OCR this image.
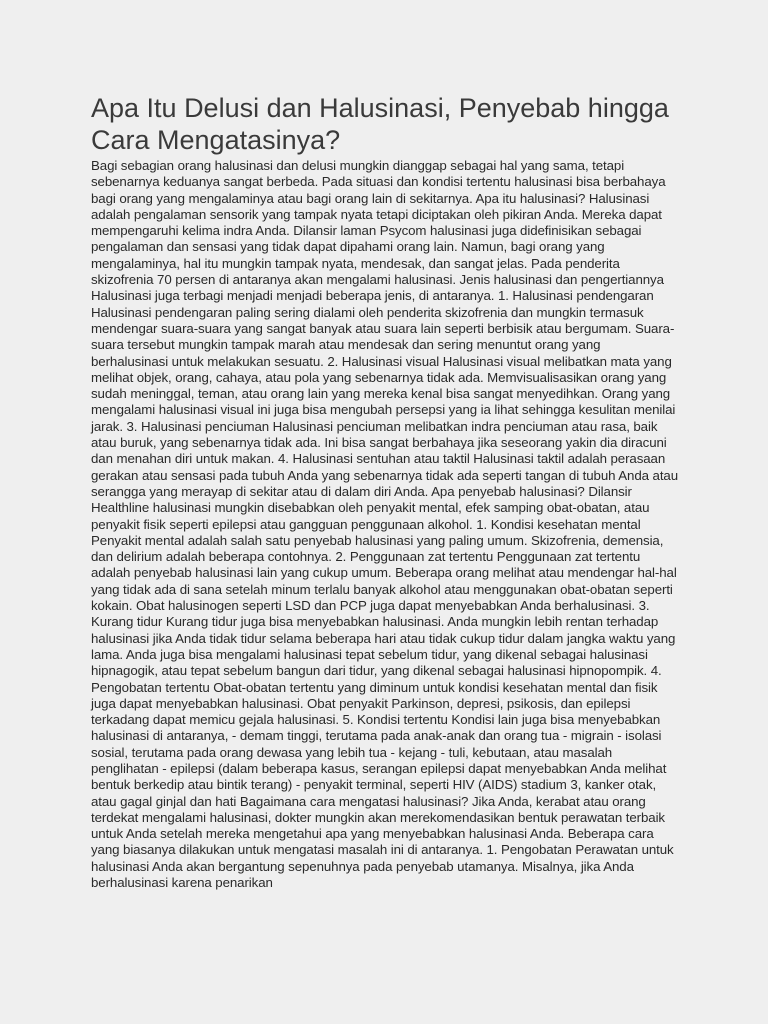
Apa Itu Delusi dan Halusinasi, Penyebab hingga Cara Mengatasinya?

Bagi sebagian orang halusinasi dan delusi mungkin dianggap sebagai hal yang sama, tetapi sebenarnya keduanya sangat berbeda. Pada situasi dan kondisi tertentu halusinasi bisa berbahaya bagi orang yang mengalaminya atau bagi orang lain di sekitarnya. Apa itu halusinasi? Halusinasi adalah pengalaman sensorik yang tampak nyata tetapi diciptakan oleh pikiran Anda. Mereka dapat mempengaruhi kelima indra Anda. Dilansir laman Psycom halusinasi juga didefinisikan sebagai pengalaman dan sensasi yang tidak dapat dipahami orang lain. Namun, bagi orang yang mengalaminya, hal itu mungkin tampak nyata, mendesak, dan sangat jelas. Pada penderita skizofrenia 70 persen di antaranya akan mengalami halusinasi. Jenis halusinasi dan pengertiannya Halusinasi juga terbagi menjadi menjadi beberapa jenis, di antaranya. 1. Halusinasi pendengaran Halusinasi pendengaran paling sering dialami oleh penderita skizofrenia dan mungkin termasuk mendengar suara-suara yang sangat banyak atau suara lain seperti berbisik atau bergumam. Suara-suara tersebut mungkin tampak marah atau mendesak dan sering menuntut orang yang berhalusinasi untuk melakukan sesuatu. 2. Halusinasi visual Halusinasi visual melibatkan mata yang melihat objek, orang, cahaya, atau pola yang sebenarnya tidak ada. Memvisualisasikan orang yang sudah meninggal, teman, atau orang lain yang mereka kenal bisa sangat menyedihkan. Orang yang mengalami halusinasi visual ini juga bisa mengubah persepsi yang ia lihat sehingga kesulitan menilai jarak. 3. Halusinasi penciuman Halusinasi penciuman melibatkan indra penciuman atau rasa, baik atau buruk, yang sebenarnya tidak ada. Ini bisa sangat berbahaya jika seseorang yakin dia diracuni dan menahan diri untuk makan. 4. Halusinasi sentuhan atau taktil Halusinasi taktil adalah perasaan gerakan atau sensasi pada tubuh Anda yang sebenarnya tidak ada seperti tangan di tubuh Anda atau serangga yang merayap di sekitar atau di dalam diri Anda. Apa penyebab halusinasi? Dilansir Healthline halusinasi mungkin disebabkan oleh penyakit mental, efek samping obat-obatan, atau penyakit fisik seperti epilepsi atau gangguan penggunaan alkohol. 1. Kondisi kesehatan mental Penyakit mental adalah salah satu penyebab halusinasi yang paling umum. Skizofrenia, demensia, dan delirium adalah beberapa contohnya. 2. Penggunaan zat tertentu Penggunaan zat tertentu adalah penyebab halusinasi lain yang cukup umum. Beberapa orang melihat atau mendengar hal-hal yang tidak ada di sana setelah minum terlalu banyak alkohol atau menggunakan obat-obatan seperti kokain. Obat halusinogen seperti LSD dan PCP juga dapat menyebabkan Anda berhalusinasi. 3. Kurang tidur Kurang tidur juga bisa menyebabkan halusinasi. Anda mungkin lebih rentan terhadap halusinasi jika Anda tidak tidur selama beberapa hari atau tidak cukup tidur dalam jangka waktu yang lama. Anda juga bisa mengalami halusinasi tepat sebelum tidur, yang dikenal sebagai halusinasi hipnagogik, atau tepat sebelum bangun dari tidur, yang dikenal sebagai halusinasi hipnopompik. 4. Pengobatan tertentu Obat-obatan tertentu yang diminum untuk kondisi kesehatan mental dan fisik juga dapat menyebabkan halusinasi. Obat penyakit Parkinson, depresi, psikosis, dan epilepsi terkadang dapat memicu gejala halusinasi. 5. Kondisi tertentu Kondisi lain juga bisa menyebabkan halusinasi di antaranya, - demam tinggi, terutama pada anak-anak dan orang tua - migrain - isolasi sosial, terutama pada orang dewasa yang lebih tua - kejang - tuli, kebutaan, atau masalah penglihatan - epilepsi (dalam beberapa kasus, serangan epilepsi dapat menyebabkan Anda melihat bentuk berkedip atau bintik terang) - penyakit terminal, seperti HIV (AIDS) stadium 3, kanker otak, atau gagal ginjal dan hati Bagaimana cara mengatasi halusinasi? Jika Anda, kerabat atau orang terdekat mengalami halusinasi, dokter mungkin akan merekomendasikan bentuk perawatan terbaik untuk Anda setelah mereka mengetahui apa yang menyebabkan halusinasi Anda. Beberapa cara yang biasanya dilakukan untuk mengatasi masalah ini di antaranya. 1. Pengobatan Perawatan untuk halusinasi Anda akan bergantung sepenuhnya pada penyebab utamanya. Misalnya, jika Anda berhalusinasi karena penarikan
